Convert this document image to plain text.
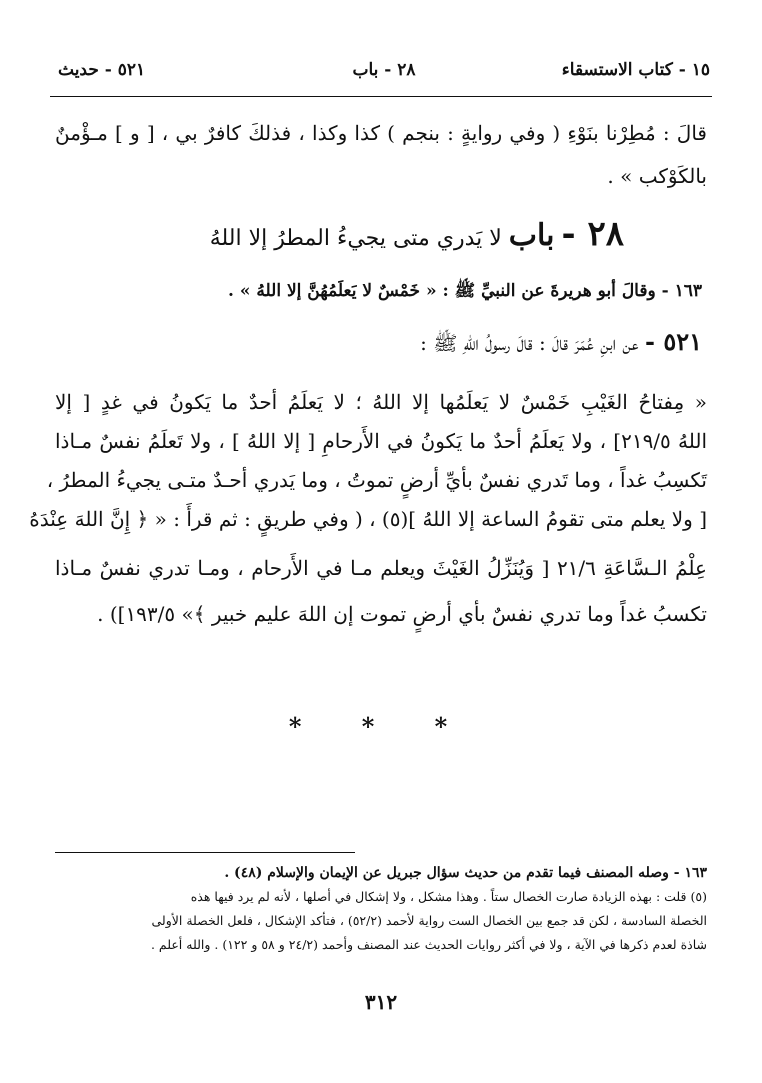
١٥ - كتاب الاستسقاء
٢٨ - باب
٥٢١ - حديث
قالَ : مُطِرْنا بنَوْءِ ( وفي روايةٍ : بنجم ) كذا وكذا ، فذلكَ كافرٌ بي ، [ و ] مـؤْمنٌ
بالكَوْكب » .
٢٨ - باب لا يَدري متى يجيءُ المطرُ إلا اللهُ
١٦٣ - وقالَ أبو هريرةَ عن النبيِّ ﷺ : « خَمْسٌ لا يَعلَمُهُنَّ إلا اللهُ » .
٥٢١ - عن ابنِ عُمَرَ قالَ : قالَ رسولُ اللهِ ﷺ :
« مِفتاحُ الغَيْبِ خَمْسٌ لا يَعلَمُها إلا اللهُ ؛ لا يَعلَمُ أحدٌ ما يَكونُ في غدٍ [ إلا
اللهُ ٢١٩/٥] ، ولا يَعلَمُ أحدٌ ما يَكونُ في الأَرحامِ [ إلا اللهُ ] ، ولا تَعلَمُ نفسٌ مـاذا
تَكسِبُ غداً ، وما تَدري نفسٌ بأيِّ أرضٍ تموتُ ، وما يَدري أحـدٌ متـى يجيءُ المطرُ ،
[ ولا يعلم متى تقومُ الساعة إلا اللهُ ](٥) ، ( وفي طريقٍ : ثم قرأَ : « ﴿ إِنَّ اللهَ عِنْدَهُ
عِلْمُ الـسَّاعَةِ ٢١/٦ [ وَيُنَزِّلُ الغَيْثَ ويعلم مـا في الأَرحام ، ومـا تدري نفسٌ مـاذا
تكسبُ غداً وما تدري نفسٌ بأي أرضٍ تموت إن اللهَ عليم خبير ﴾» ١٩٣/٥]) .
* * *
١٦٣ - وصله المصنف فيما تقدم من حديث سؤال جبريل عن الإيمان والإسلام (٤٨) .
(٥) قلت : بهذه الزيادة صارت الخصال ستاً . وهذا مشكل ، ولا إشكال في أصلها ، لأنه لم يرد فيها هذه
الخصلة السادسة ، لكن قد جمع بين الخصال الست رواية لأحمد (٥٢/٢) ، فتأكد الإشكال ، فلعل الخصلة الأولى
شاذة لعدم ذكرها في الآية ، ولا في أكثر روايات الحديث عند المصنف وأحمد (٢٤/٢ و ٥٨ و ١٢٢) . والله أعلم .
٣١٢
